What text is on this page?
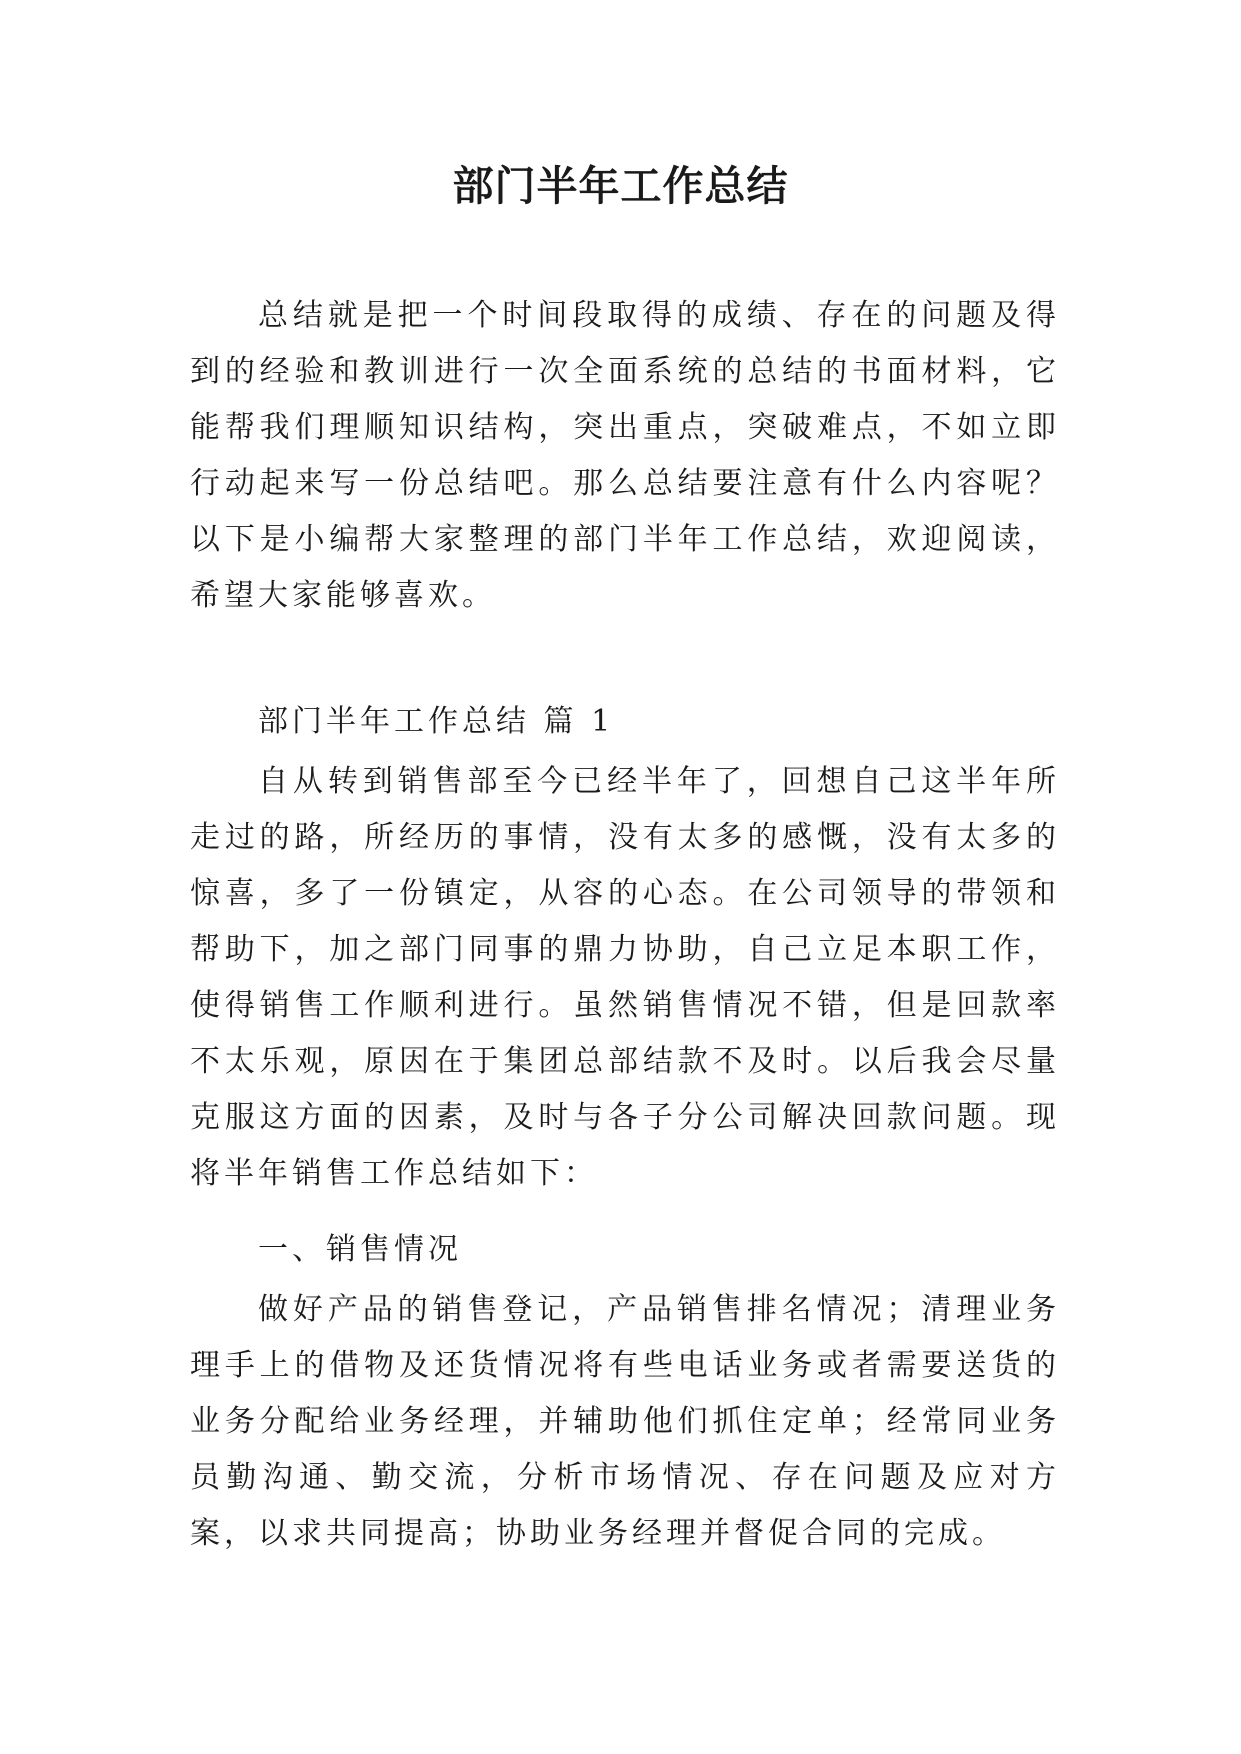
部门半年工作总结

总结就是把一个时间段取得的成绩、存在的问题及得到的经验和教训进行一次全面系统的总结的书面材料，它能帮我们理顺知识结构，突出重点，突破难点，不如立即行动起来写一份总结吧。那么总结要注意有什么内容呢？以下是小编帮大家整理的部门半年工作总结，欢迎阅读，希望大家能够喜欢。

部门半年工作总结 篇 1

自从转到销售部至今已经半年了，回想自己这半年所走过的路，所经历的事情，没有太多的感慨，没有太多的惊喜，多了一份镇定，从容的心态。在公司领导的带领和帮助下，加之部门同事的鼎力协助，自己立足本职工作，使得销售工作顺利进行。虽然销售情况不错，但是回款率不太乐观，原因在于集团总部结款不及时。以后我会尽量克服这方面的因素，及时与各子分公司解决回款问题。现将半年销售工作总结如下：

一、销售情况

做好产品的销售登记，产品销售排名情况；清理业务理手上的借物及还货情况将有些电话业务或者需要送货的业务分配给业务经理，并辅助他们抓住定单；经常同业务员勤沟通、勤交流，分析市场情况、存在问题及应对方案，以求共同提高；协助业务经理并督促合同的完成。
